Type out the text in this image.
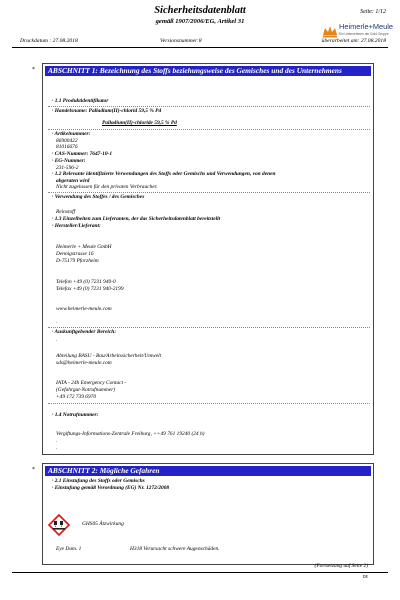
Sicherheitsdatenblatt
gemäß 1907/2006/EG, Artikel 31
Seite: 1/12
Heimerle+Meule
Ein Unternehmen der Gold-Gruppe
Druckdatum : 27.08.2018	Versionsnummer 8	überarbeitet am: 27.08.2018
*	ABSCHNITT 1: Bezeichnung des Stoffs beziehungsweise des Gemisches und des Unternehmens
· 1.1 Produktidentifikator
· Handelsname: Palladium(II)-chlorid 59,5 % Pd
Palladium(II)-chloride 59,5 % Pd
· Artikelnummer:
86900422
81016676
· CAS-Nummer: 7647-10-1
· EG-Nummer:
231-596-2
· 1.2 Relevante identifizierte Verwendungen des Stoffs oder Gemischs und Verwendungen, von denen
abgeraten wird
Nicht zugelassen für den privaten Verbraucher.
· Verwendung des Stoffes / des Gemisches
Reinstoff
· 1.3 Einzelheiten zum Lieferanten, der das Sicherheitsdatenblatt bereitstellt
· Hersteller/Lieferant:
Heimerle + Meule GmbH
Dennigstrasse 16
D-75179 Pforzheim
Telefon +49 (0) 7231 940-0
Telefax +49 (0) 7231 940-2199
www.heimerle-meule.com
·
· Auskunftgebender Bereich:
·
Abteilung BASU - Bau/Arbeitssicherheit/Umwelt
sds@heimerle-meule.com
IATA - 24h Emergency Contact -
(Gefahrgut-Notrufnummer)
+49 172 739 6970
· 1.4 Notrufnummer:
Vergiftungs-Informations-Zentrale Freiburg, ++49 761 19240 (24 h)
·
·
*	ABSCHNITT 2: Mögliche Gefahren
· 2.1 Einstufung des Stoffs oder Gemischs
· Einstufung gemäß Verordnung (EG) Nr. 1272/2008
GHS05 Ätzwirkung
Eye Dam. 1	H318 Verursacht schwere Augenschäden.
(Fortsetzung auf Seite 2)
DE
